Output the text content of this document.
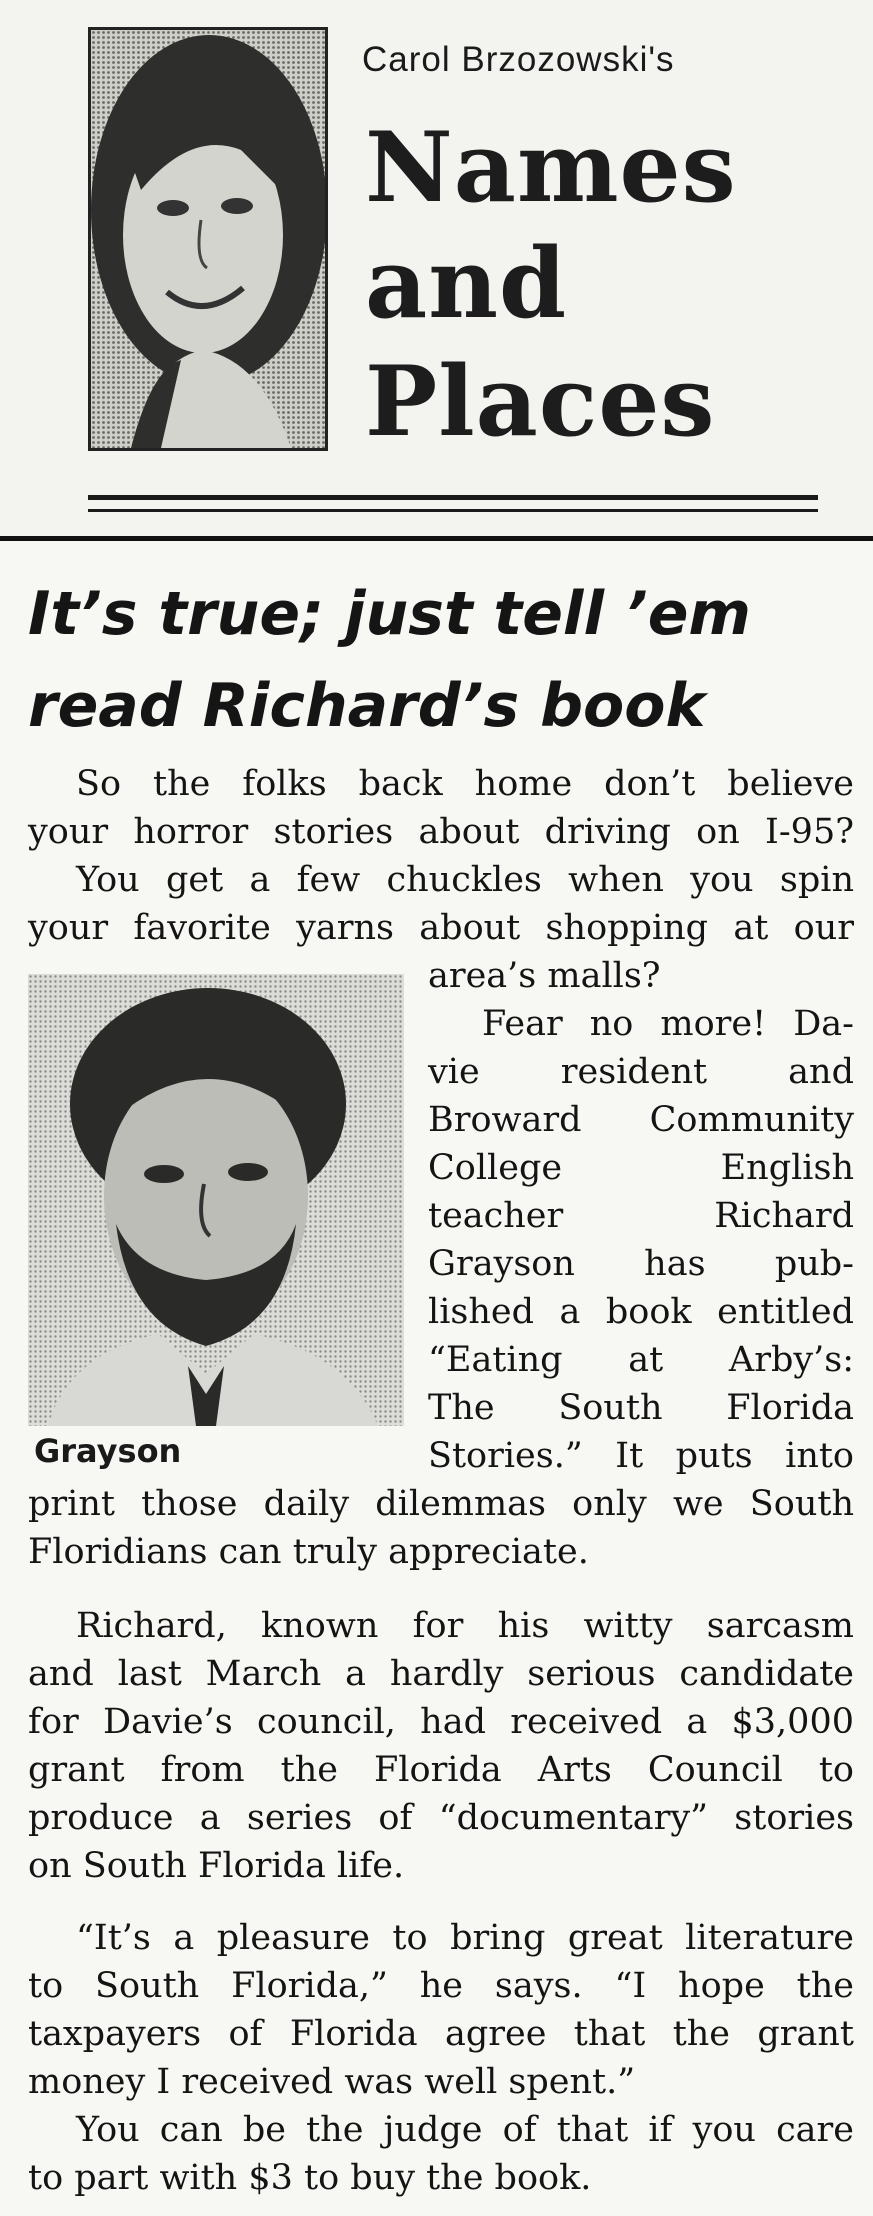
Carol Brzozowski's
Names
and
Places
It’s true; just tell ’em
read Richard’s book
Grayson
So the folks back home don’t believe
your horror stories about driving on I-95?
You get a few chuckles when you spin
your favorite yarns about shopping at our
area’s malls?
Fear no more! Da-
vie resident and
Broward Community
College English
teacher Richard
Grayson has pub-
lished a book entitled
“Eating at Arby’s:
The South Florida
Stories.” It puts into
print those daily dilemmas only we South
Floridians can truly appreciate.
Richard, known for his witty sarcasm
and last March a hardly serious candidate
for Davie’s council, had received a $3,000
grant from the Florida Arts Council to
produce a series of “documentary” stories
on South Florida life.
“It’s a pleasure to bring great literature
to South Florida,” he says. “I hope the
taxpayers of Florida agree that the grant
money I received was well spent.”
You can be the judge of that if you care
to part with $3 to buy the book.
